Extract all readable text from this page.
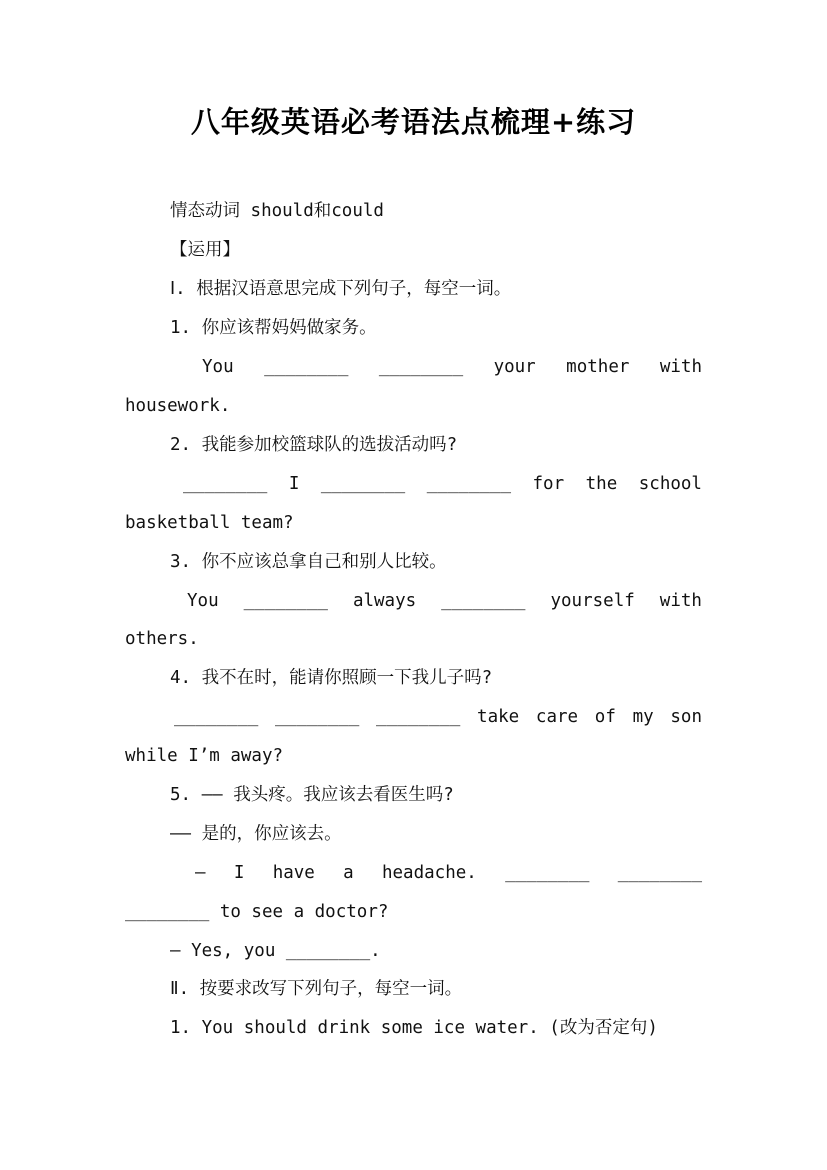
八年级英语必考语法点梳理+练习
情态动词 should和could
【运用】
Ⅰ. 根据汉语意思完成下列句子，每空一词。
1. 你应该帮妈妈做家务。
You ________ ________ your mother with
housework.
2. 我能参加校篮球队的选拔活动吗?
________ I ________ ________ for the school
basketball team?
3. 你不应该总拿自己和别人比较。
You ________ always ________ yourself with
others.
4. 我不在时，能请你照顾一下我儿子吗?
________ ________ ________ take care of my son
while I’m away?
5. —— 我头疼。我应该去看医生吗?
—— 是的，你应该去。
— I have a headache. ________ ________
________ to see a doctor?
— Yes, you ________.
Ⅱ. 按要求改写下列句子，每空一词。
1. You should drink some ice water. (改为否定句)
